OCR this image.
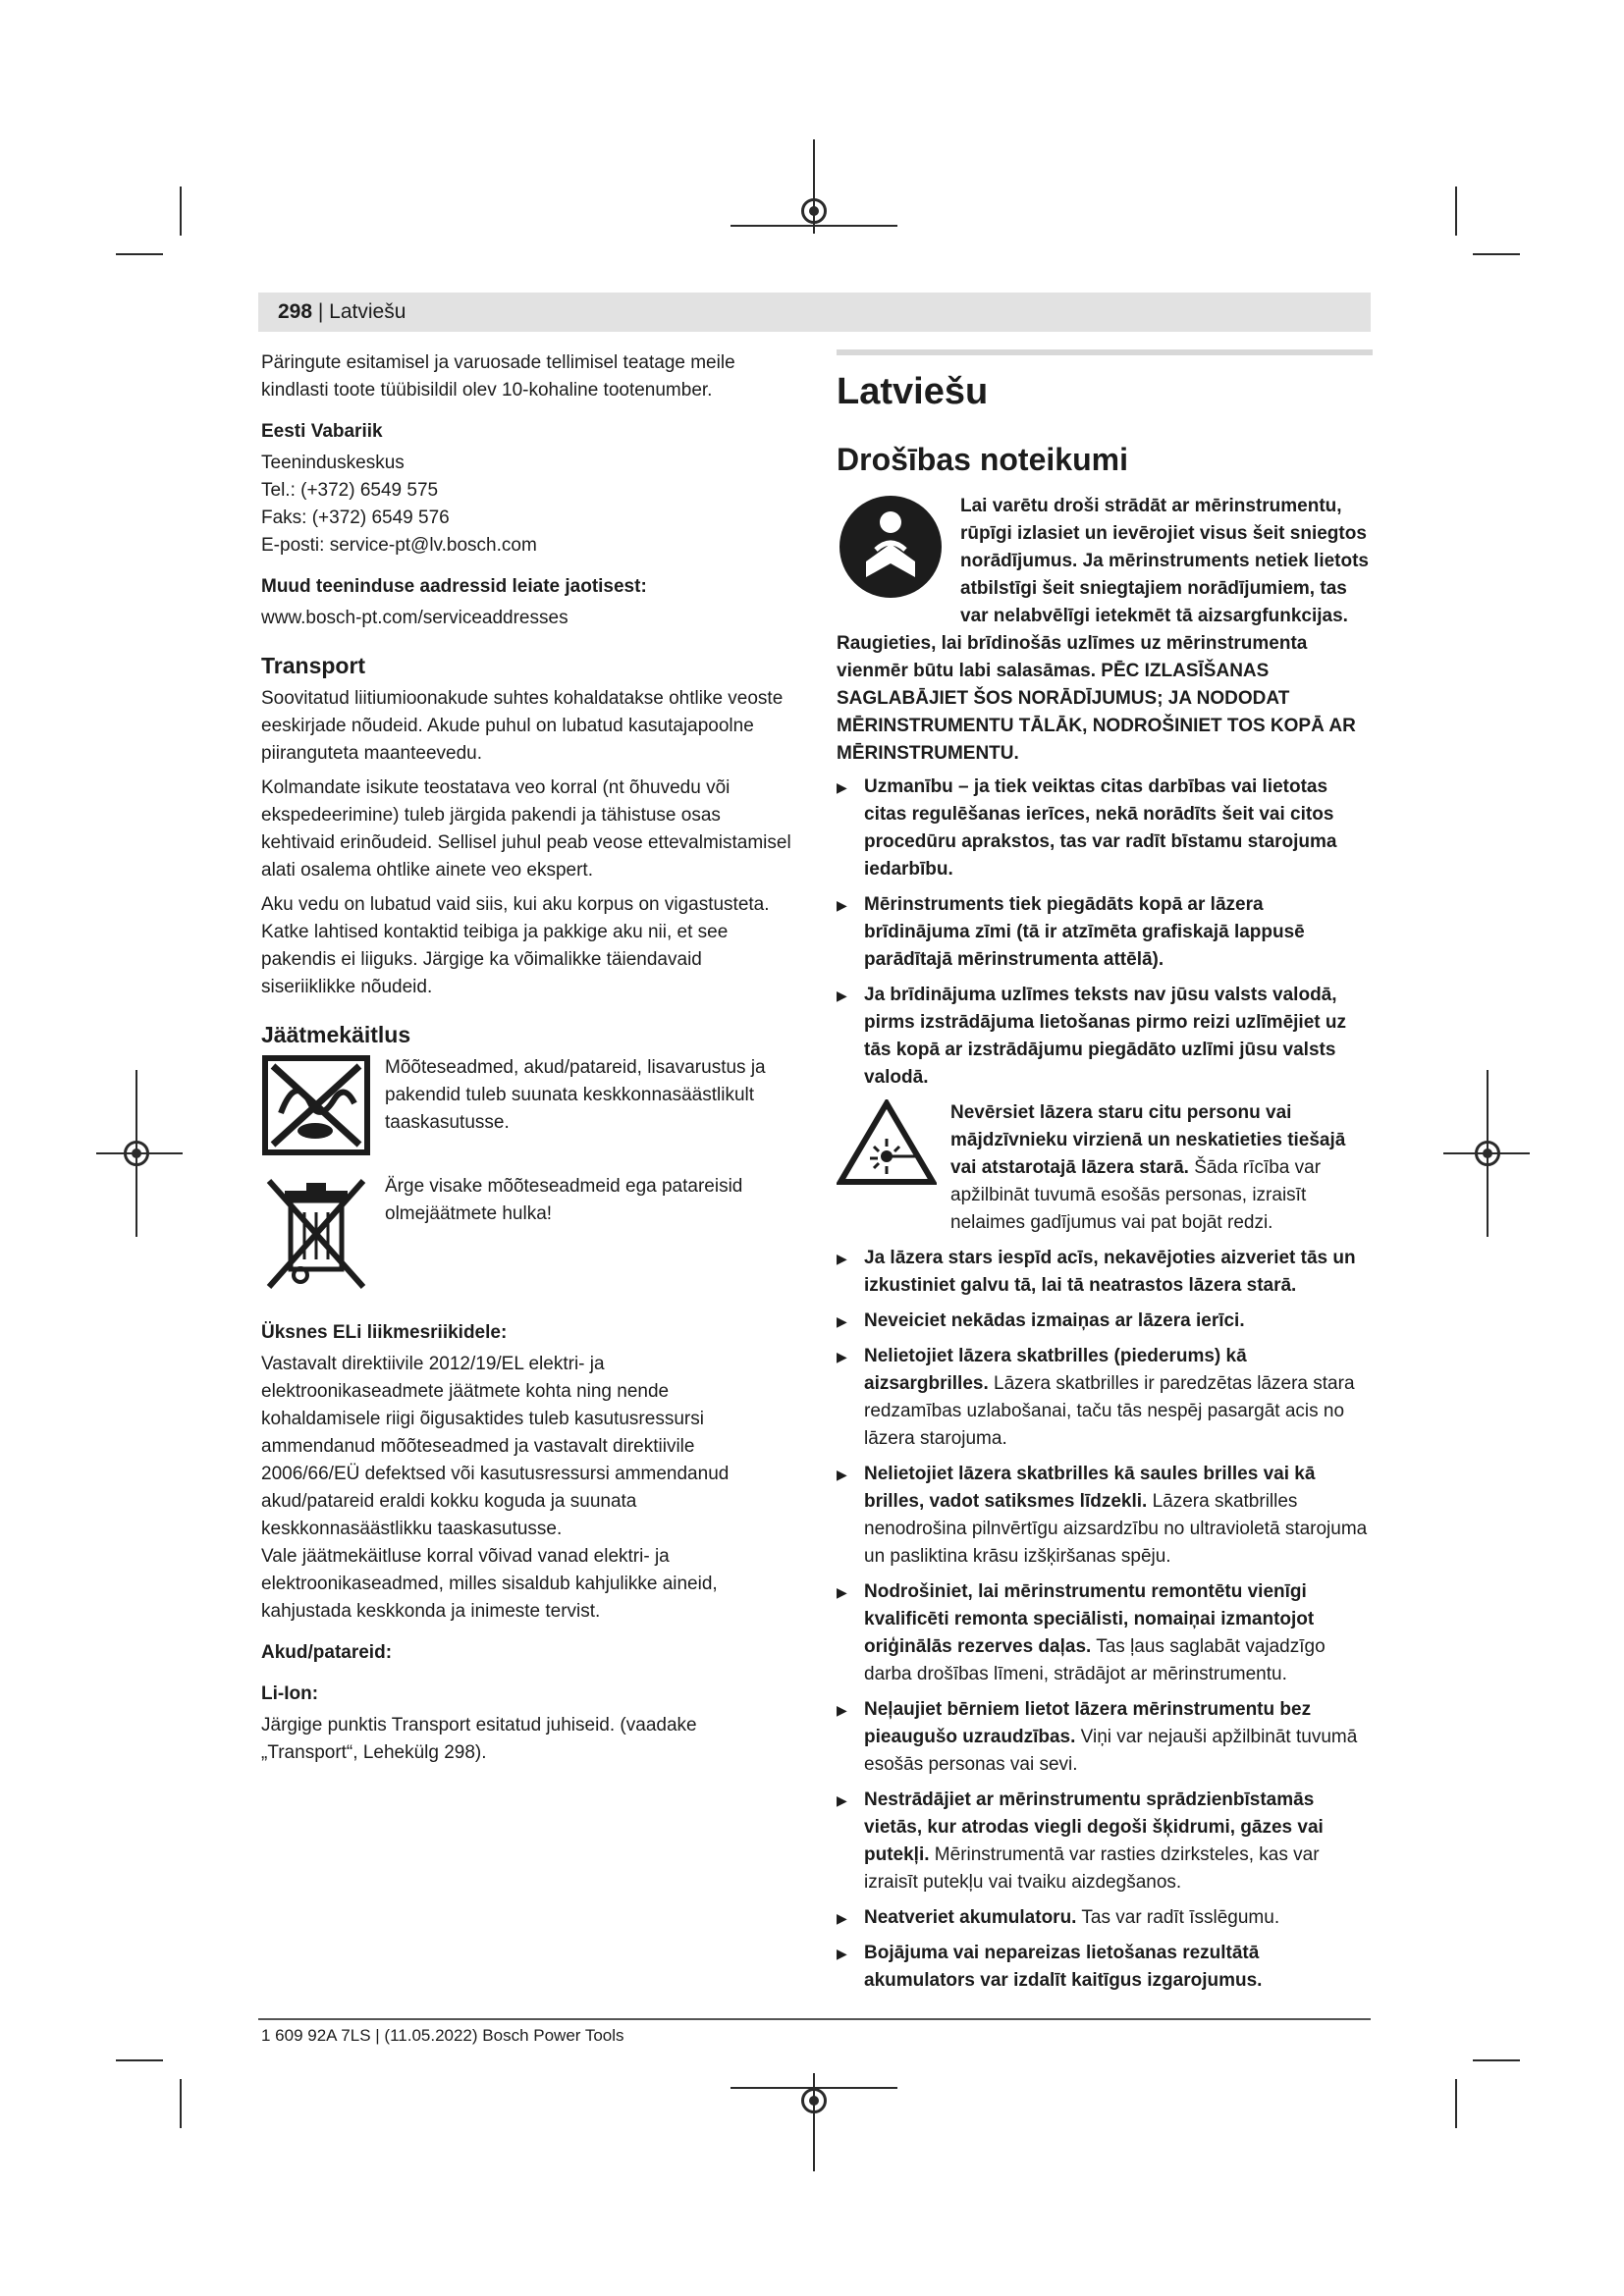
298 | Latviešu

Päringute esitamisel ja varuosade tellimisel teatage meile kindlasti toote tüübisildil olev 10-kohaline tootenumber.

Eesti Vabariik
Teeninduskeskus
Tel.: (+372) 6549 575
Faks: (+372) 6549 576
E-posti: service-pt@lv.bosch.com
Muud teeninduse aadressid leiate jaotisest:
www.bosch-pt.com/serviceaddresses
Transport

Soovitatud liitiumioonakude suhtes kohaldatakse ohtlike veoste eeskirjade nõudeid. Akude puhul on lubatud kasutajapoolne piiranguteta maanteevedu.

Kolmandate isikute teostatava veo korral (nt õhuvedu või ekspedeerimine) tuleb järgida pakendi ja tähistuse osas kehtivaid erinõudeid. Sellisel juhul peab veose ettevalmistamisel alati osalema ohtlike ainete veo ekspert.

Aku vedu on lubatud vaid siis, kui aku korpus on vigastusteta. Katke lahtised kontaktid teibiga ja pakkige aku nii, et see pakendis ei liiguks. Järgige ka võimalikke täiendavaid siseriiklikke nõudeid.

Jäätmekäitlus
Mõõteseadmed, akud/patareid, lisavarustus ja pakendid tuleb suunata keskkonnasäästlikult taaskasutusse.
Ärge visake mõõteseadmeid ega patareisid olmejäätmete hulka!
Üksnes ELi liikmesriikidele:

Vastavalt direktiivile 2012/19/EL elektri- ja elektroonikaseadmete jäätmete kohta ning nende kohaldamisele riigi õigusaktides tuleb kasutusressursi ammendanud mõõteseadmed ja vastavalt direktiivile 2006/66/EÜ defektsed või kasutusressursi ammendanud akud/patareid eraldi kokku koguda ja suunata keskkonnasäästlikku taaskasutusse.

Vale jäätmekäitluse korral võivad vanad elektri- ja elektroonikaseadmed, milles sisaldub kahjulikke aineid, kahjustada keskkonda ja inimeste tervist.

Akud/patareid:
Li-Ion:

Järgige punktis Transport esitatud juhiseid. (vaadake „Transport“, Lehekülg 298).

Latviešu
Drošības noteikumi
Lai varētu droši strādāt ar mērinstrumentu, rūpīgi izlasiet un ievērojiet visus šeit sniegtos norādījumus. Ja mērinstruments netiek lietots atbilstīgi šeit sniegtajiem norādījumiem, tas var nelabvēlīgi ietekmēt tā aizsargfunkcijas. Raugieties, lai brīdinošās uzlīmes uz mērinstrumenta vienmēr būtu labi salasāmas. PĒC IZLASĪŠANAS SAGLABĀJIET ŠOS NORĀDĪJUMUS; JA NODODAT MĒRINSTRUMENTU TĀLĀK, NODROŠINIET TOS KOPĀ AR MĒRINSTRUMENTU.
▶ Uzmanību – ja tiek veiktas citas darbības vai lietotas citas regulēšanas ierīces, nekā norādīts šeit vai citos procedūru aprakstos, tas var radīt bīstamu starojuma iedarbību.
▶ Mērinstruments tiek piegādāts kopā ar lāzera brīdinājuma zīmi (tā ir atzīmēta grafiskajā lappusē parādītajā mērinstrumenta attēlā).
▶ Ja brīdinājuma uzlīmes teksts nav jūsu valsts valodā, pirms izstrādājuma lietošanas pirmo reizi uzlīmējiet uz tās kopā ar izstrādājumu piegādāto uzlīmi jūsu valsts valodā.
Nevērsiet lāzera staru citu personu vai mājdzīvnieku virzienā un neskatieties tiešajā vai atstarotajā lāzera starā. Šāda rīcība var apžilbināt tuvumā esošās personas, izraisīt nelaimes gadījumus vai pat bojāt redzi.
▶ Ja lāzera stars iespīd acīs, nekavējoties aizveriet tās un izkustiniet galvu tā, lai tā neatrastos lāzera starā.
▶ Neveiciet nekādas izmaiņas ar lāzera ierīci.
▶ Nelietojiet lāzera skatbrilles (piederums) kā aizsargbrilles. Lāzera skatbrilles ir paredzētas lāzera stara redzamības uzlabošanai, taču tās nespēj pasargāt acis no lāzera starojuma.
▶ Nelietojiet lāzera skatbrilles kā saules brilles vai kā brilles, vadot satiksmes līdzekli. Lāzera skatbrilles nenodrošina pilnvērtīgu aizsardzību no ultravioletā starojuma un pasliktina krāsu izšķiršanas spēju.
▶ Nodrošiniet, lai mērinstrumentu remontētu vienīgi kvalificēti remonta speciālisti, nomaiņai izmantojot oriģinālās rezerves daļas. Tas ļaus saglabāt vajadzīgo darba drošības līmeni, strādājot ar mērinstrumentu.
▶ Neļaujiet bērniem lietot lāzera mērinstrumentu bez pieaugušo uzraudzības. Viņi var nejauši apžilbināt tuvumā esošās personas vai sevi.
▶ Nestrādājiet ar mērinstrumentu sprādzienbīstamās vietās, kur atrodas viegli degoši šķidrumi, gāzes vai putekļi. Mērinstrumentā var rasties dzirksteles, kas var izraisīt putekļu vai tvaiku aizdegšanos.
▶ Neatveriet akumulatoru. Tas var radīt īsslēgumu.
▶ Bojājuma vai nepareizas lietošanas rezultātā akumulators var izdalīt kaitīgus izgarojumus.
1 609 92A 7LS | (11.05.2022) Bosch Power Tools
